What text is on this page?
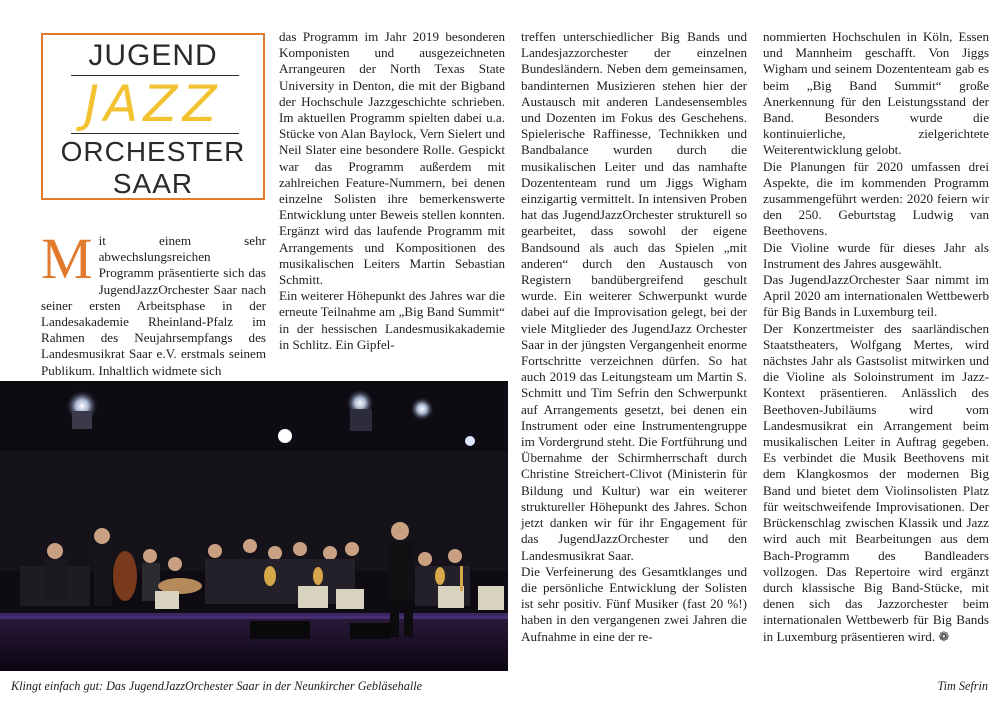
JUGEND
JAZZ
ORCHESTER
SAAR

Mit einem sehr abwechslungsreichen Programm präsentierte sich das JugendJazzOrchester Saar nach seiner ersten Arbeitsphase in der Landesakademie Rheinland-Pfalz im Rahmen des Neujahrsempfangs des Landesmusikrat Saar e.V. erstmals seinem Publikum. Inhaltlich widmete sich

das Programm im Jahr 2019 besonderen Komponisten und ausgezeichneten Arrangeuren der North Texas State University in Denton, die mit der Bigband der Hochschule Jazzgeschichte schrieben. Im aktuellen Programm spielten dabei u.a. Stücke von Alan Baylock, Vern Sielert und Neil Slater eine besondere Rolle. Gespickt war das Programm außerdem mit zahlreichen Feature-Nummern, bei denen einzelne Solisten ihre bemerkenswerte Entwicklung unter Beweis stellen konnten. Ergänzt wird das laufende Programm mit Arrangements und Kompositionen des musikalischen Leiters Martin Sebastian Schmitt.

Ein weiterer Höhepunkt des Jahres war die erneute Teilnahme am „Big Band Summit“ in der hessischen Landesmusikakademie in Schlitz. Ein Gipfel-

treffen unterschiedlicher Big Bands und Landesjazzorchester der einzelnen Bundesländern. Neben dem gemeinsamen, bandinternen Musizieren stehen hier der Austausch mit anderen Landesensembles und Dozenten im Fokus des Geschehens. Spielerische Raffinesse, Technikken und Bandbalance wurden durch die musikalischen Leiter und das namhafte Dozententeam rund um Jiggs Wigham einzigartig vermittelt. In intensiven Proben hat das JugendJazzOrchester strukturell so gearbeitet, dass sowohl der eigene Bandsound als auch das Spielen „mit anderen“ durch den Austausch von Registern bandübergreifend geschult wurde. Ein weiterer Schwerpunkt wurde dabei auf die Improvisation gelegt, bei der viele Mitglieder des JugendJazz Orchester Saar in der jüngsten Vergangenheit enorme Fortschritte verzeichnen dürfen. So hat auch 2019 das Leitungsteam um Martin S. Schmitt und Tim Sefrin den Schwerpunkt auf Arrangements gesetzt, bei denen ein Instrument oder eine Instrumentengruppe im Vordergrund steht. Die Fortführung und Übernahme der Schirmherrschaft durch Christine Streichert-Clivot (Ministerin für Bildung und Kultur) war ein weiterer struktureller Höhepunkt des Jahres. Schon jetzt danken wir für ihr Engagement für das JugendJazzOrchester und den Landesmusikrat Saar.

Die Verfeinerung des Gesamtklanges und die persönliche Entwicklung der Solisten ist sehr positiv. Fünf Musiker (fast 20 %!) haben in den vergangenen zwei Jahren die Aufnahme in eine der re-

nommierten Hochschulen in Köln, Essen und Mannheim geschafft. Von Jiggs Wigham und seinem Dozententeam gab es beim „Big Band Summit“ große Anerkennung für den Leistungsstand der Band. Besonders wurde die kontinuierliche, zielgerichtete Weiterentwicklung gelobt.

Die Planungen für 2020 umfassen drei Aspekte, die im kommenden Programm zusammengeführt werden: 2020 feiern wir den 250. Geburtstag Ludwig van Beethovens.

Die Violine wurde für dieses Jahr als Instrument des Jahres ausgewählt.

Das JugendJazzOrchester Saar nimmt im April 2020 am internationalen Wettbewerb für Big Bands in Luxemburg teil.

Der Konzertmeister des saarländischen Staatstheaters, Wolfgang Mertes, wird nächstes Jahr als Gastsolist mitwirken und die Violine als Soloinstrument im Jazz-Kontext präsentieren. Anlässlich des Beethoven-Jubiläums wird vom Landesmusikrat ein Arrangement beim musikalischen Leiter in Auftrag gegeben. Es verbindet die Musik Beethovens mit dem Klangkosmos der modernen Big Band und bietet dem Violinsolisten Platz für weitschweifende Improvisationen. Der Brückenschlag zwischen Klassik und Jazz wird auch mit Bearbeitungen aus dem Bach-Programm des Bandleaders vollzogen. Das Repertoire wird ergänzt durch klassische Big Band-Stücke, mit denen sich das Jazzorchester beim internationalen Wettbewerb für Big Bands in Luxemburg präsentieren wird. ❁

Klingt einfach gut: Das JugendJazzOrchester Saar in der Neunkircher Gebläsehalle	Tim Sefrin
